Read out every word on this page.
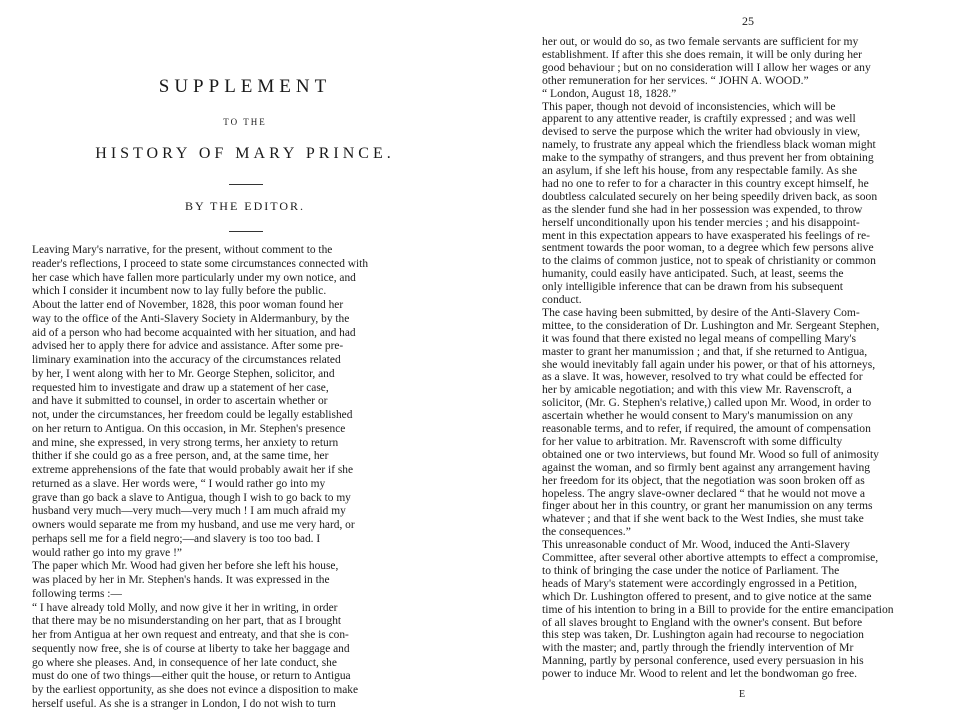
SUPPLEMENT
TO THE
HISTORY OF MARY PRINCE.
BY THE EDITOR.
Leaving Mary's narrative, for the present, without comment to the
reader's reflections, I proceed to state some circumstances connected with
her case which have fallen more particularly under my own notice, and
which I consider it incumbent now to lay fully before the public.
About the latter end of November, 1828, this poor woman found her
way to the office of the Anti-Slavery Society in Aldermanbury, by the
aid of a person who had become acquainted with her situation, and had
advised her to apply there for advice and assistance. After some pre-
liminary examination into the accuracy of the circumstances related
by her, I went along with her to Mr. George Stephen, solicitor, and
requested him to investigate and draw up a statement of her case,
and have it submitted to counsel, in order to ascertain whether or
not, under the circumstances, her freedom could be legally established
on her return to Antigua. On this occasion, in Mr. Stephen's presence
and mine, she expressed, in very strong terms, her anxiety to return
thither if she could go as a free person, and, at the same time, her
extreme apprehensions of the fate that would probably await her if she
returned as a slave. Her words were, “ I would rather go into my
grave than go back a slave to Antigua, though I wish to go back to my
husband very much—very much—very much ! I am much afraid my
owners would separate me from my husband, and use me very hard, or
perhaps sell me for a field negro;—and slavery is too too bad. I
would rather go into my grave !”
The paper which Mr. Wood had given her before she left his house,
was placed by her in Mr. Stephen's hands. It was expressed in the
following terms :—
“ I have already told Molly, and now give it her in writing, in order
that there may be no misunderstanding on her part, that as I brought
her from Antigua at her own request and entreaty, and that she is con-
sequently now free, she is of course at liberty to take her baggage and
go where she pleases. And, in consequence of her late conduct, she
must do one of two things—either quit the house, or return to Antigua
by the earliest opportunity, as she does not evince a disposition to make
herself useful. As she is a stranger in London, I do not wish to turn
25
her out, or would do so, as two female servants are sufficient for my
establishment. If after this she does remain, it will be only during her
good behaviour ; but on no consideration will I allow her wages or any
other remuneration for her services. “ JOHN A. WOOD.”
“ London, August 18, 1828.”
This paper, though not devoid of inconsistencies, which will be
apparent to any attentive reader, is craftily expressed ; and was well
devised to serve the purpose which the writer had obviously in view,
namely, to frustrate any appeal which the friendless black woman might
make to the sympathy of strangers, and thus prevent her from obtaining
an asylum, if she left his house, from any respectable family. As she
had no one to refer to for a character in this country except himself, he
doubtless calculated securely on her being speedily driven back, as soon
as the slender fund she had in her possession was expended, to throw
herself unconditionally upon his tender mercies ; and his disappoint-
ment in this expectation appears to have exasperated his feelings of re-
sentment towards the poor woman, to a degree which few persons alive
to the claims of common justice, not to speak of christianity or common
humanity, could easily have anticipated. Such, at least, seems the
only intelligible inference that can be drawn from his subsequent
conduct.
The case having been submitted, by desire of the Anti-Slavery Com-
mittee, to the consideration of Dr. Lushington and Mr. Sergeant Stephen,
it was found that there existed no legal means of compelling Mary's
master to grant her manumission ; and that, if she returned to Antigua,
she would inevitably fall again under his power, or that of his attorneys,
as a slave. It was, however, resolved to try what could be effected for
her by amicable negotiation; and with this view Mr. Ravenscroft, a
solicitor, (Mr. G. Stephen's relative,) called upon Mr. Wood, in order to
ascertain whether he would consent to Mary's manumission on any
reasonable terms, and to refer, if required, the amount of compensation
for her value to arbitration. Mr. Ravenscroft with some difficulty
obtained one or two interviews, but found Mr. Wood so full of animosity
against the woman, and so firmly bent against any arrangement having
her freedom for its object, that the negotiation was soon broken off as
hopeless. The angry slave-owner declared “ that he would not move a
finger about her in this country, or grant her manumission on any terms
whatever ; and that if she went back to the West Indies, she must take
the consequences.”
This unreasonable conduct of Mr. Wood, induced the Anti-Slavery
Committee, after several other abortive attempts to effect a compromise,
to think of bringing the case under the notice of Parliament. The
heads of Mary's statement were accordingly engrossed in a Petition,
which Dr. Lushington offered to present, and to give notice at the same
time of his intention to bring in a Bill to provide for the entire emancipation
of all slaves brought to England with the owner's consent. But before
this step was taken, Dr. Lushington again had recourse to negociation
with the master; and, partly through the friendly intervention of Mr
Manning, partly by personal conference, used every persuasion in his
power to induce Mr. Wood to relent and let the bondwoman go free.
E
